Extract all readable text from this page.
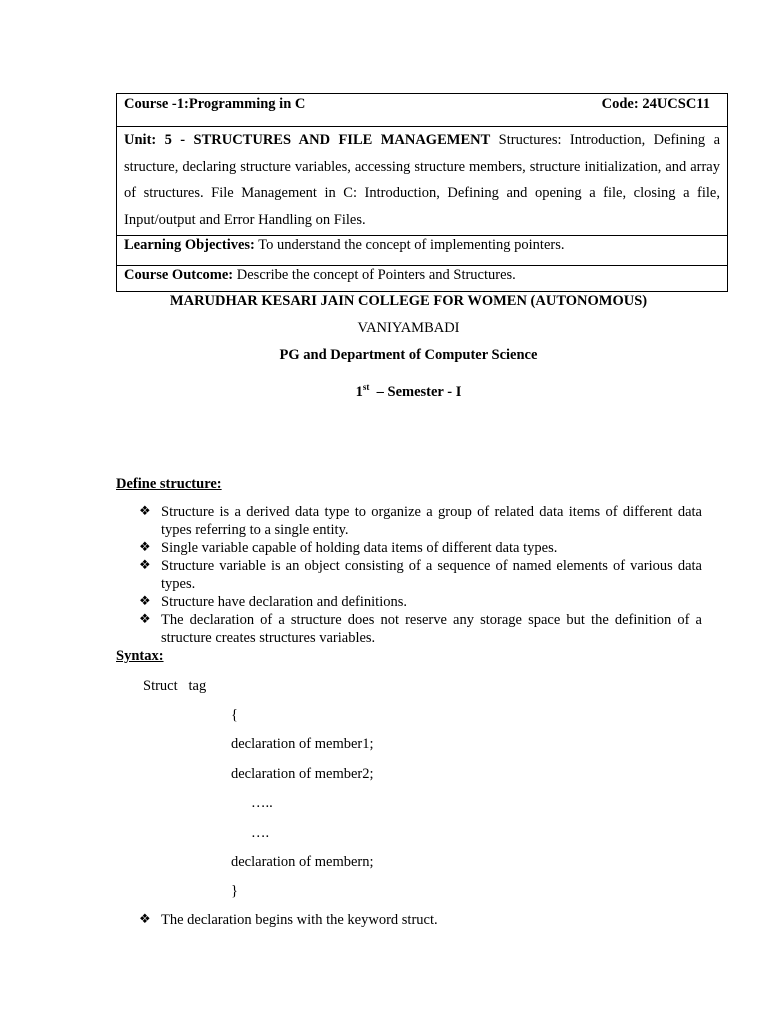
Course -1:Programming in C	Code: 24UCSC11

Unit: 5 - STRUCTURES AND FILE MANAGEMENT Structures: Introduction, Defining a structure, declaring structure variables, accessing structure members, structure initialization, and array of structures. File Management in C: Introduction, Defining and opening a file, closing a file, Input/output and Error Handling on Files.
Learning Objectives: To understand the concept of implementing pointers.
Course Outcome: Describe the concept of Pointers and Structures.
MARUDHAR KESARI JAIN COLLEGE FOR WOMEN (AUTONOMOUS)
VANIYAMBADI
PG and Department of Computer Science
1st  – Semester - I
Define structure:
❖ Structure is a derived data type to organize a group of related data items of different data types referring to a single entity.
❖ Single variable capable of holding data items of different data types.
❖ Structure variable is an object consisting of a sequence of named elements of various data types.
❖ Structure have declaration and definitions.
❖ The declaration of a structure does not reserve any storage space but the definition of a structure creates structures variables.
Syntax:
Struct   tag
{
declaration of member1;
declaration of member2;
…..
….
declaration of membern;
}
❖ The declaration begins with the keyword struct.
